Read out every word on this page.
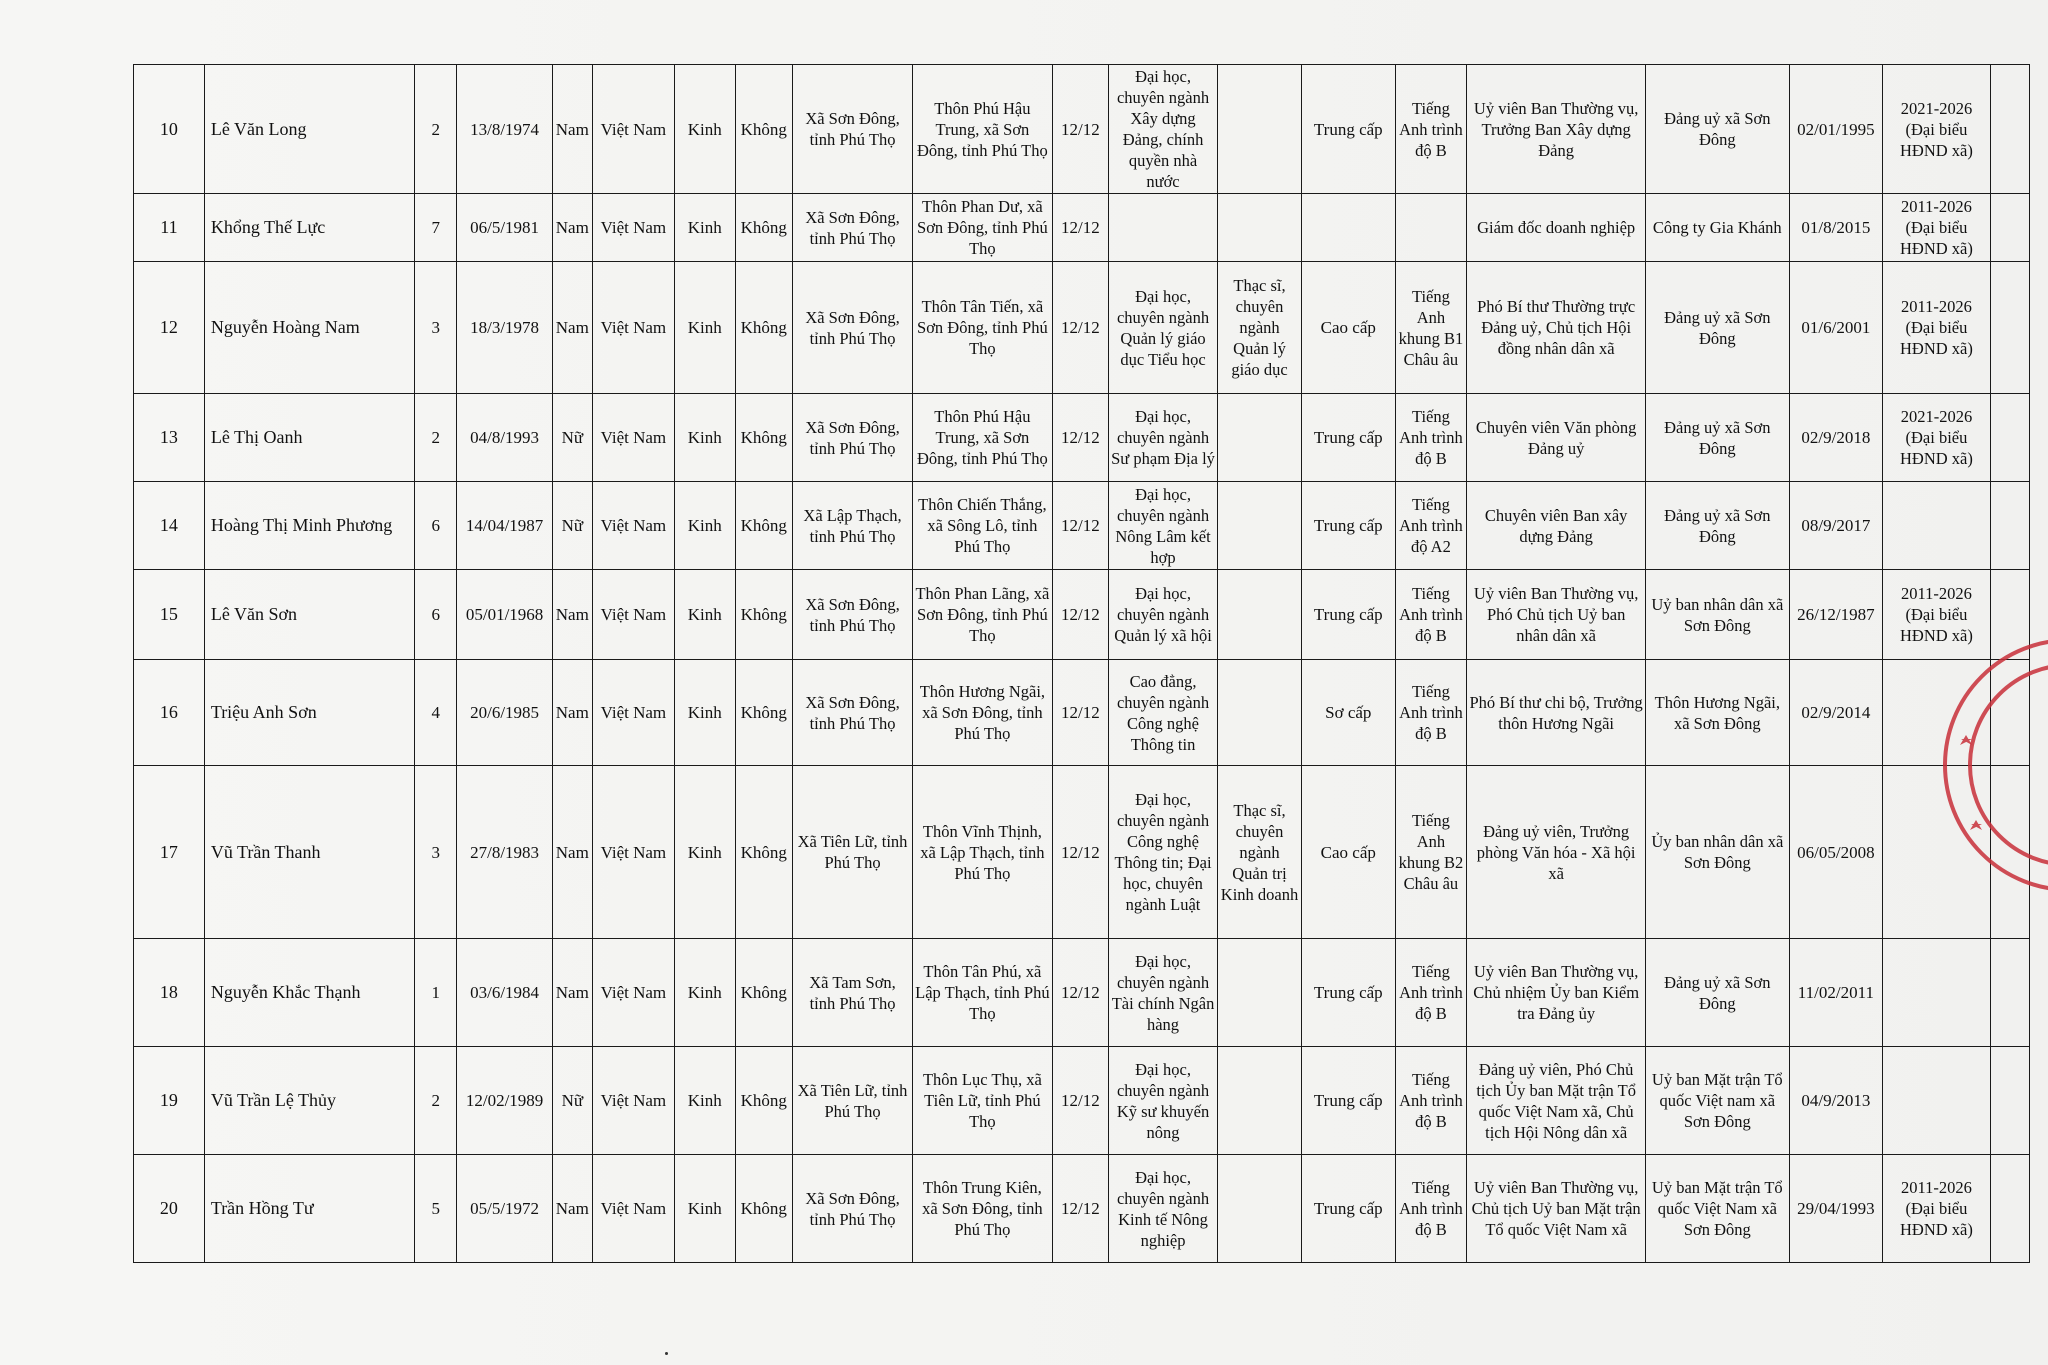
10	Lê Văn Long	2	13/8/1974	Nam	Việt Nam	Kinh	Không	Xã Sơn Đông, tỉnh Phú Thọ	Thôn Phú Hậu Trung, xã Sơn Đông, tỉnh Phú Thọ	12/12	Đại học, chuyên ngành Xây dựng Đảng, chính quyền nhà nước		Trung cấp	Tiếng Anh trình độ B	Uỷ viên Ban Thường vụ, Trưởng Ban Xây dựng Đảng	Đảng uỷ xã Sơn Đông	02/01/1995	2021-2026 (Đại biểu HĐND xã)	
11	Khổng Thế Lực	7	06/5/1981	Nam	Việt Nam	Kinh	Không	Xã Sơn Đông, tỉnh Phú Thọ	Thôn Phan Dư, xã Sơn Đông, tỉnh Phú Thọ	12/12					Giám đốc doanh nghiệp	Công ty Gia Khánh	01/8/2015	2011-2026 (Đại biểu HĐND xã)	
12	Nguyễn Hoàng Nam	3	18/3/1978	Nam	Việt Nam	Kinh	Không	Xã Sơn Đông, tỉnh Phú Thọ	Thôn Tân Tiến, xã Sơn Đông, tỉnh Phú Thọ	12/12	Đại học, chuyên ngành Quản lý giáo dục Tiểu học	Thạc sĩ, chuyên ngành Quản lý giáo dục	Cao cấp	Tiếng Anh khung B1 Châu âu	Phó Bí thư Thường trực Đảng uỷ, Chủ tịch Hội đồng nhân dân xã	Đảng uỷ xã Sơn Đông	01/6/2001	2011-2026 (Đại biểu HĐND xã)	
13	Lê Thị Oanh	2	04/8/1993	Nữ	Việt Nam	Kinh	Không	Xã Sơn Đông, tỉnh Phú Thọ	Thôn Phú Hậu Trung, xã Sơn Đông, tỉnh Phú Thọ	12/12	Đại học, chuyên ngành Sư phạm Địa lý		Trung cấp	Tiếng Anh trình độ B	Chuyên viên Văn phòng Đảng uỷ	Đảng uỷ xã Sơn Đông	02/9/2018	2021-2026 (Đại biểu HĐND xã)	
14	Hoàng Thị Minh Phương	6	14/04/1987	Nữ	Việt Nam	Kinh	Không	Xã Lập Thạch, tỉnh Phú Thọ	Thôn Chiến Thắng, xã Sông Lô, tỉnh Phú Thọ	12/12	Đại học, chuyên ngành Nông Lâm kết hợp		Trung cấp	Tiếng Anh trình độ A2	Chuyên viên Ban xây dựng Đảng	Đảng uỷ xã Sơn Đông	08/9/2017		
15	Lê Văn Sơn	6	05/01/1968	Nam	Việt Nam	Kinh	Không	Xã Sơn Đông, tỉnh Phú Thọ	Thôn Phan Lãng, xã Sơn Đông, tỉnh Phú Thọ	12/12	Đại học, chuyên ngành Quản lý xã hội		Trung cấp	Tiếng Anh trình độ B	Uỷ viên Ban Thường vụ, Phó Chủ tịch Uỷ ban nhân dân xã	Uỷ ban nhân dân xã Sơn Đông	26/12/1987	2011-2026 (Đại biểu HĐND xã)	
16	Triệu Anh Sơn	4	20/6/1985	Nam	Việt Nam	Kinh	Không	Xã Sơn Đông, tỉnh Phú Thọ	Thôn Hương Ngãi, xã Sơn Đông, tỉnh Phú Thọ	12/12	Cao đẳng, chuyên ngành Công nghệ Thông tin		Sơ cấp	Tiếng Anh trình độ B	Phó Bí thư chi bộ, Trưởng thôn Hương Ngãi	Thôn Hương Ngãi, xã Sơn Đông	02/9/2014		
17	Vũ Trần Thanh	3	27/8/1983	Nam	Việt Nam	Kinh	Không	Xã Tiên Lữ, tỉnh Phú Thọ	Thôn Vĩnh Thịnh, xã Lập Thạch, tỉnh Phú Thọ	12/12	Đại học, chuyên ngành Công nghệ Thông tin; Đại học, chuyên ngành Luật	Thạc sĩ, chuyên ngành Quản trị Kinh doanh	Cao cấp	Tiếng Anh khung B2 Châu âu	Đảng uỷ viên, Trưởng phòng Văn hóa - Xã hội xã	Ủy ban nhân dân xã Sơn Đông	06/05/2008		
18	Nguyễn Khắc Thạnh	1	03/6/1984	Nam	Việt Nam	Kinh	Không	Xã Tam Sơn, tỉnh Phú Thọ	Thôn Tân Phú, xã Lập Thạch, tỉnh Phú Thọ	12/12	Đại học, chuyên ngành Tài chính Ngân hàng		Trung cấp	Tiếng Anh trình độ B	Uỷ viên Ban Thường vụ, Chủ nhiệm Ủy ban Kiểm tra Đảng ủy	Đảng uỷ xã Sơn Đông	11/02/2011		
19	Vũ Trần Lệ Thủy	2	12/02/1989	Nữ	Việt Nam	Kinh	Không	Xã Tiên Lữ, tỉnh Phú Thọ	Thôn Lục Thụ, xã Tiên Lữ, tỉnh Phú Thọ	12/12	Đại học, chuyên ngành Kỹ sư khuyến nông		Trung cấp	Tiếng Anh trình độ B	Đảng uỷ viên, Phó Chủ tịch Ủy ban Mặt trận Tổ quốc Việt Nam xã, Chủ tịch Hội Nông dân xã	Uỷ ban Mặt trận Tổ quốc Việt nam xã Sơn Đông	04/9/2013		
20	Trần Hồng Tư	5	05/5/1972	Nam	Việt Nam	Kinh	Không	Xã Sơn Đông, tỉnh Phú Thọ	Thôn Trung Kiên, xã Sơn Đông, tỉnh Phú Thọ	12/12	Đại học, chuyên ngành Kinh tế Nông nghiệp		Trung cấp	Tiếng Anh trình độ B	Uỷ viên Ban Thường vụ, Chủ tịch Uỷ ban Mặt trận Tổ quốc Việt Nam xã	Uỷ ban Mặt trận Tổ quốc Việt Nam xã Sơn Đông	29/04/1993	2011-2026 (Đại biểu HĐND xã)	
